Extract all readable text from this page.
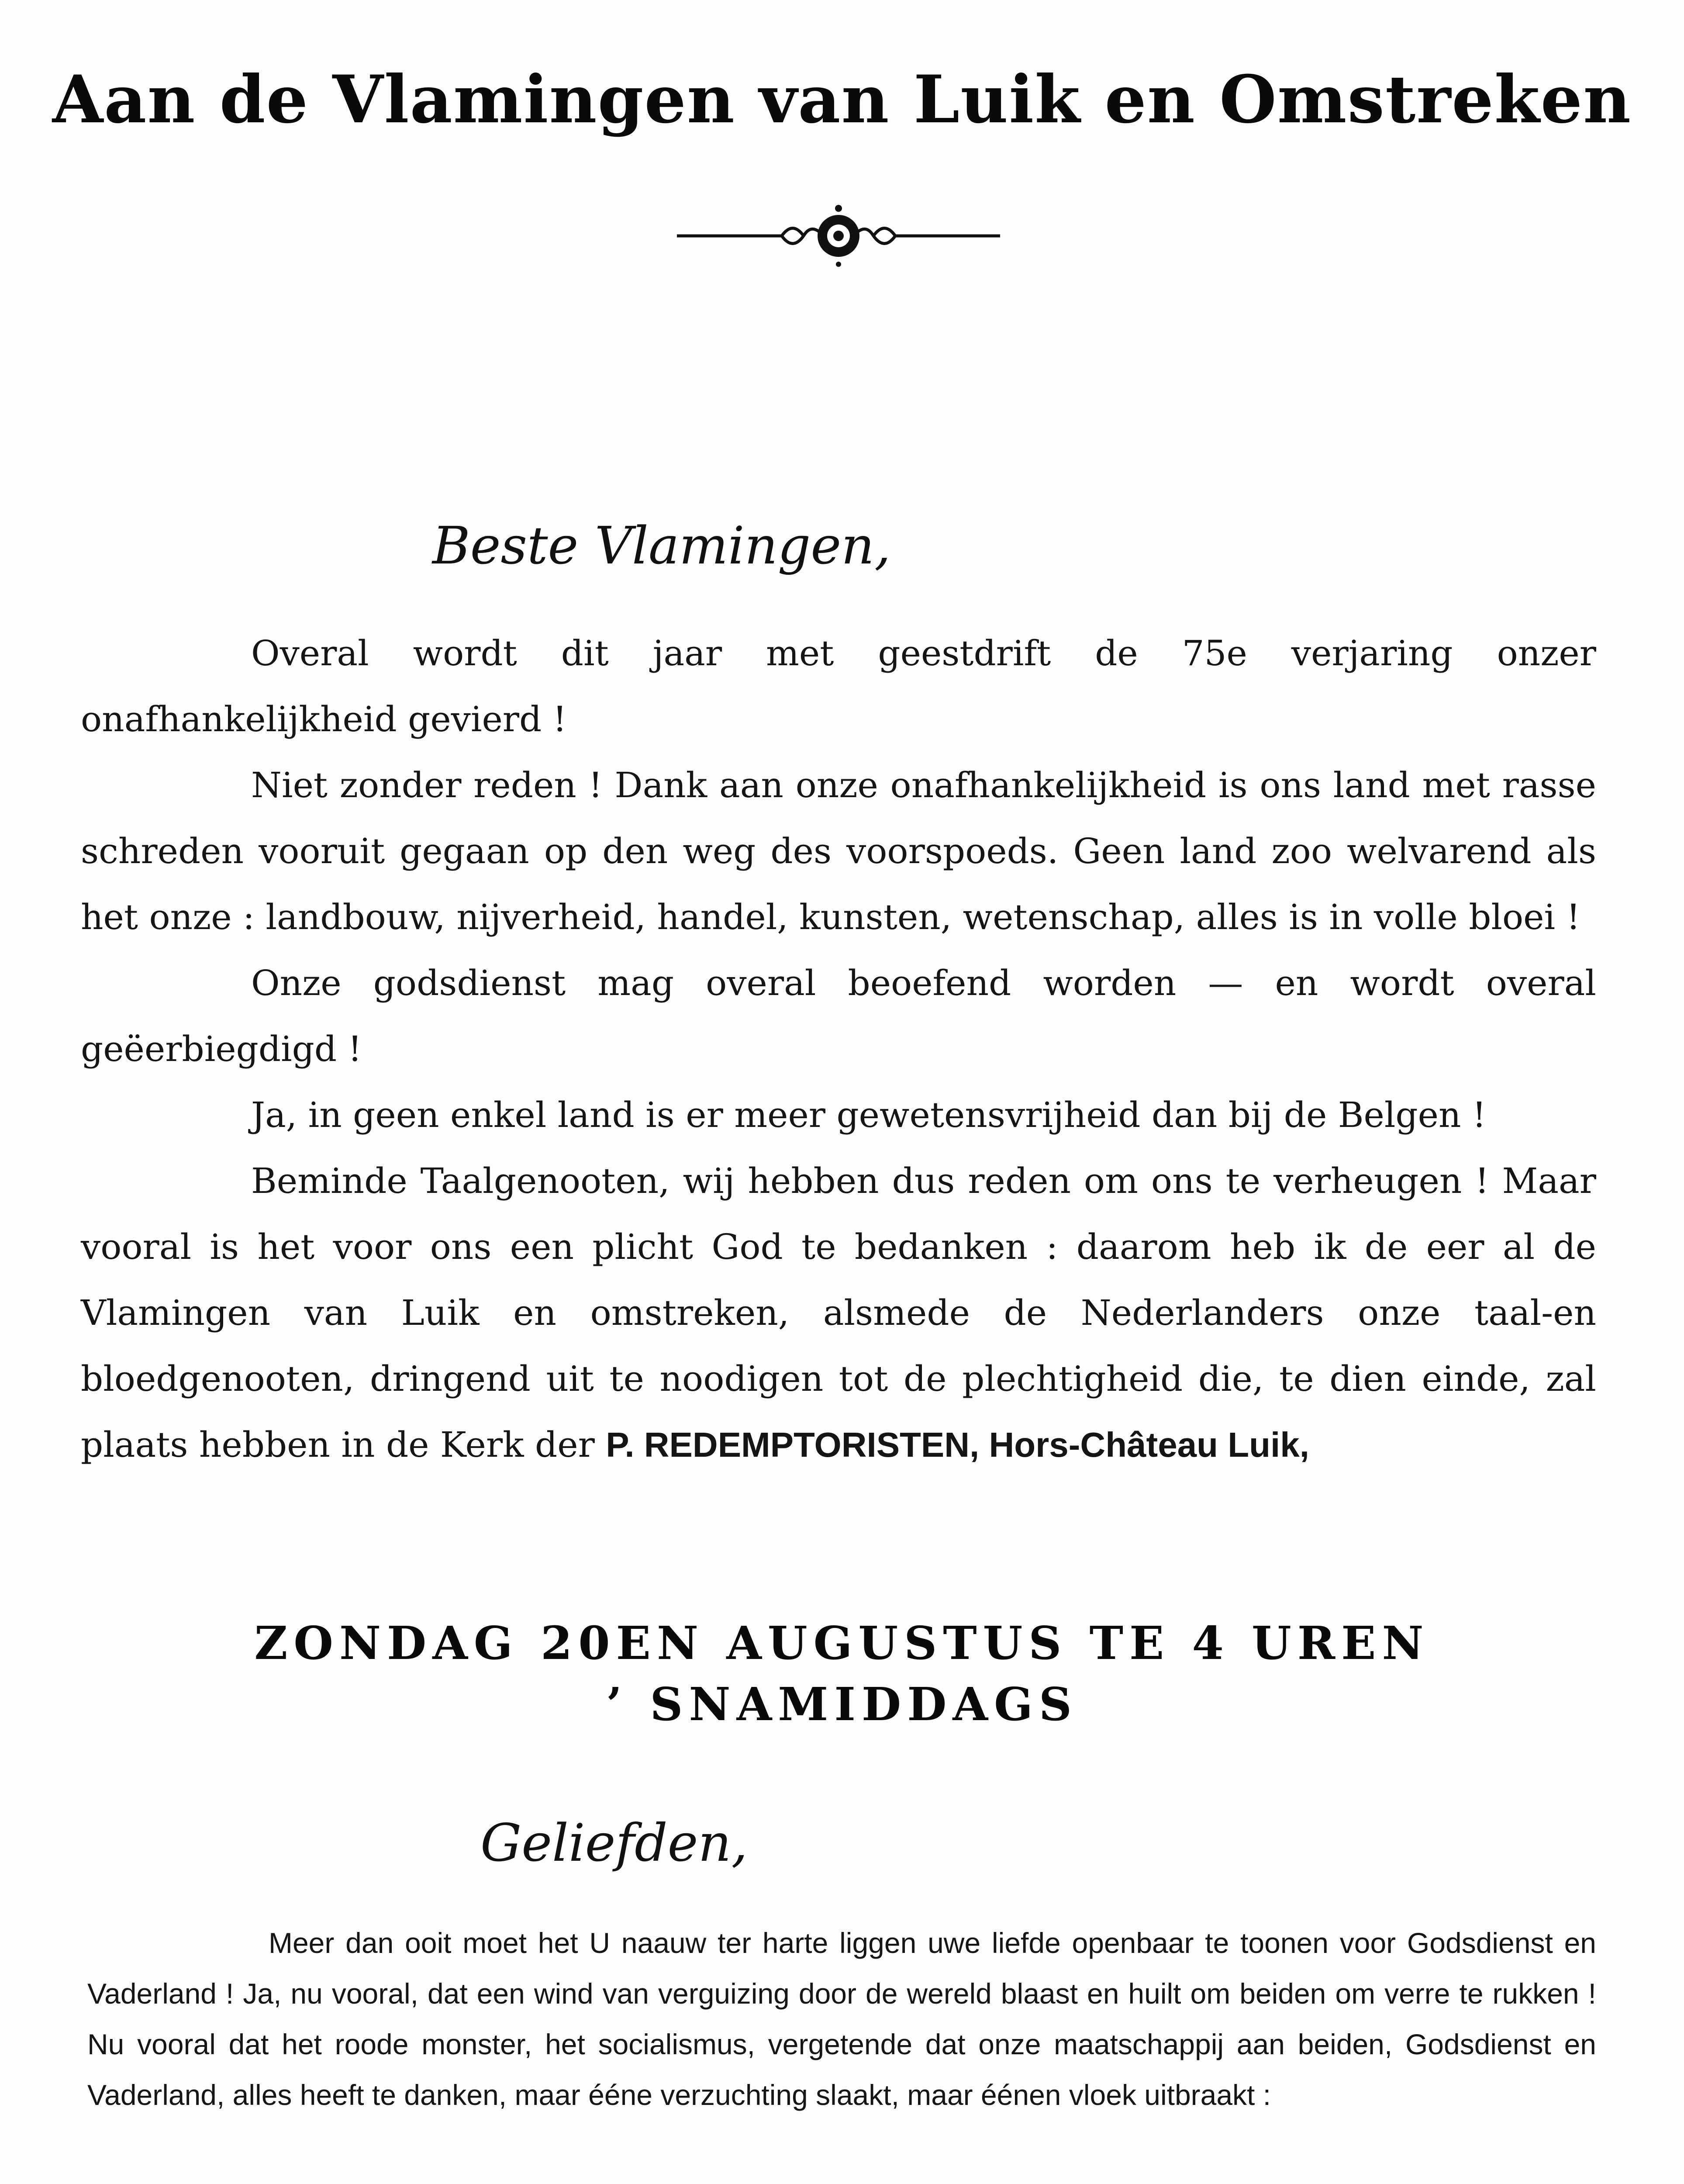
Aan de Vlamingen van Luik en Omstreken
Beste Vlamingen,

Overal wordt dit jaar met geestdrift de 75e verjaring onzer onafhankelijkheid gevierd !

Niet zonder reden ! Dank aan onze onafhankelijkheid is ons land met rasse schreden vooruit gegaan op den weg des voorspoeds. Geen land zoo welvarend als het onze : landbouw, nijverheid, handel, kunsten, wetenschap, alles is in volle bloei !

Onze godsdienst mag overal beoefend worden — en wordt overal geëerbiegdigd !

Ja, in geen enkel land is er meer gewetensvrijheid dan bij de Belgen !

Beminde Taalgenooten, wij hebben dus reden om ons te verheugen ! Maar vooral is het voor ons een plicht God te bedanken : daarom heb ik de eer al de Vlamingen van Luik en omstreken, alsmede de Nederlanders onze taal-en bloedgenooten, dringend uit te noodigen tot de plechtigheid die, te dien einde, zal plaats hebben in de Kerk der P. REDEMPTORISTEN, Hors-Château Luik,

ZONDAG 20EN AUGUSTUS TE 4 UREN
’ SNAMIDDAGS
Geliefden,

Meer dan ooit moet het U naauw ter harte liggen uwe liefde openbaar te toonen voor Godsdienst en Vaderland ! Ja, nu vooral, dat een wind van verguizing door de wereld blaast en huilt om beiden om verre te rukken ! Nu vooral dat het roode monster, het socialismus, vergetende dat onze maatschappij aan beiden, Godsdienst en Vaderland, alles heeft te danken, maar ééne verzuchting slaakt, maar éénen vloek uitbraakt :
